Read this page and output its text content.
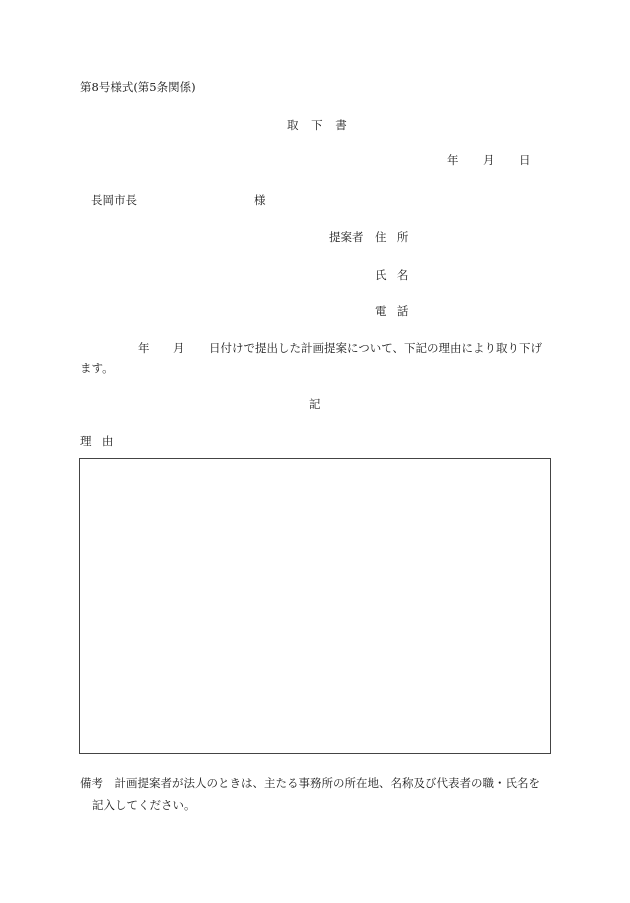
第8号様式(第5条関係)
取下書
年 月 日
長岡市長	様
提案者 住所
氏名
電話
年 月 日付けで提出した計画提案について、下記の理由により取り下げ
ます。
記
理由
備考　計画提案者が法人のときは、主たる事務所の所在地、名称及び代表者の職・氏名を
記入してください。
